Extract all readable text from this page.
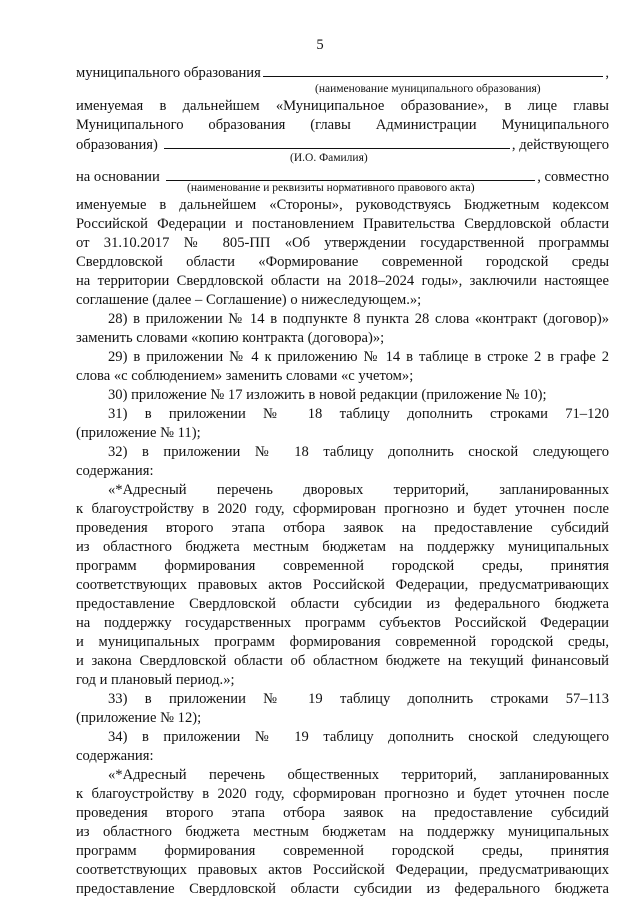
5
муниципального образования	,
(наименование муниципального образования)
именуемая в дальнейшем «Муниципальное образование», в лице главы
Муниципального образования (главы Администрации Муниципального
образования)	, действующего
(И.О. Фамилия)
на основании	, совместно
(наименование и реквизиты нормативного правового акта)
именуемые в дальнейшем «Стороны», руководствуясь Бюджетным кодексом
Российской Федерации и постановлением Правительства Свердловской области
от 31.10.2017 № 805-ПП «Об утверждении государственной программы
Свердловской области «Формирование современной городской среды
на территории Свердловской области на 2018–2024 годы», заключили настоящее
соглашение (далее – Соглашение) о нижеследующем.»;
28) в приложении № 14 в подпункте 8 пункта 28 слова «контракт (договор)»
заменить словами «копию контракта (договора)»;
29) в приложении № 4 к приложению № 14 в таблице в строке 2 в графе 2
слова «с соблюдением» заменить словами «с учетом»;
30) приложение № 17 изложить в новой редакции (приложение № 10);
31) в приложении № 18 таблицу дополнить строками 71–120
(приложение № 11);
32) в приложении № 18 таблицу дополнить сноской следующего
содержания:
«*Адресный перечень дворовых территорий, запланированных
к благоустройству в 2020 году, сформирован прогнозно и будет уточнен после
проведения второго этапа отбора заявок на предоставление субсидий
из областного бюджета местным бюджетам на поддержку муниципальных
программ формирования современной городской среды, принятия
соответствующих правовых актов Российской Федерации, предусматривающих
предоставление Свердловской области субсидии из федерального бюджета
на поддержку государственных программ субъектов Российской Федерации
и муниципальных программ формирования современной городской среды,
и закона Свердловской области об областном бюджете на текущий финансовый
год и плановый период.»;
33) в приложении № 19 таблицу дополнить строками 57–113
(приложение № 12);
34) в приложении № 19 таблицу дополнить сноской следующего
содержания:
«*Адресный перечень общественных территорий, запланированных
к благоустройству в 2020 году, сформирован прогнозно и будет уточнен после
проведения второго этапа отбора заявок на предоставление субсидий
из областного бюджета местным бюджетам на поддержку муниципальных
программ формирования современной городской среды, принятия
соответствующих правовых актов Российской Федерации, предусматривающих
предоставление Свердловской области субсидии из федерального бюджета
